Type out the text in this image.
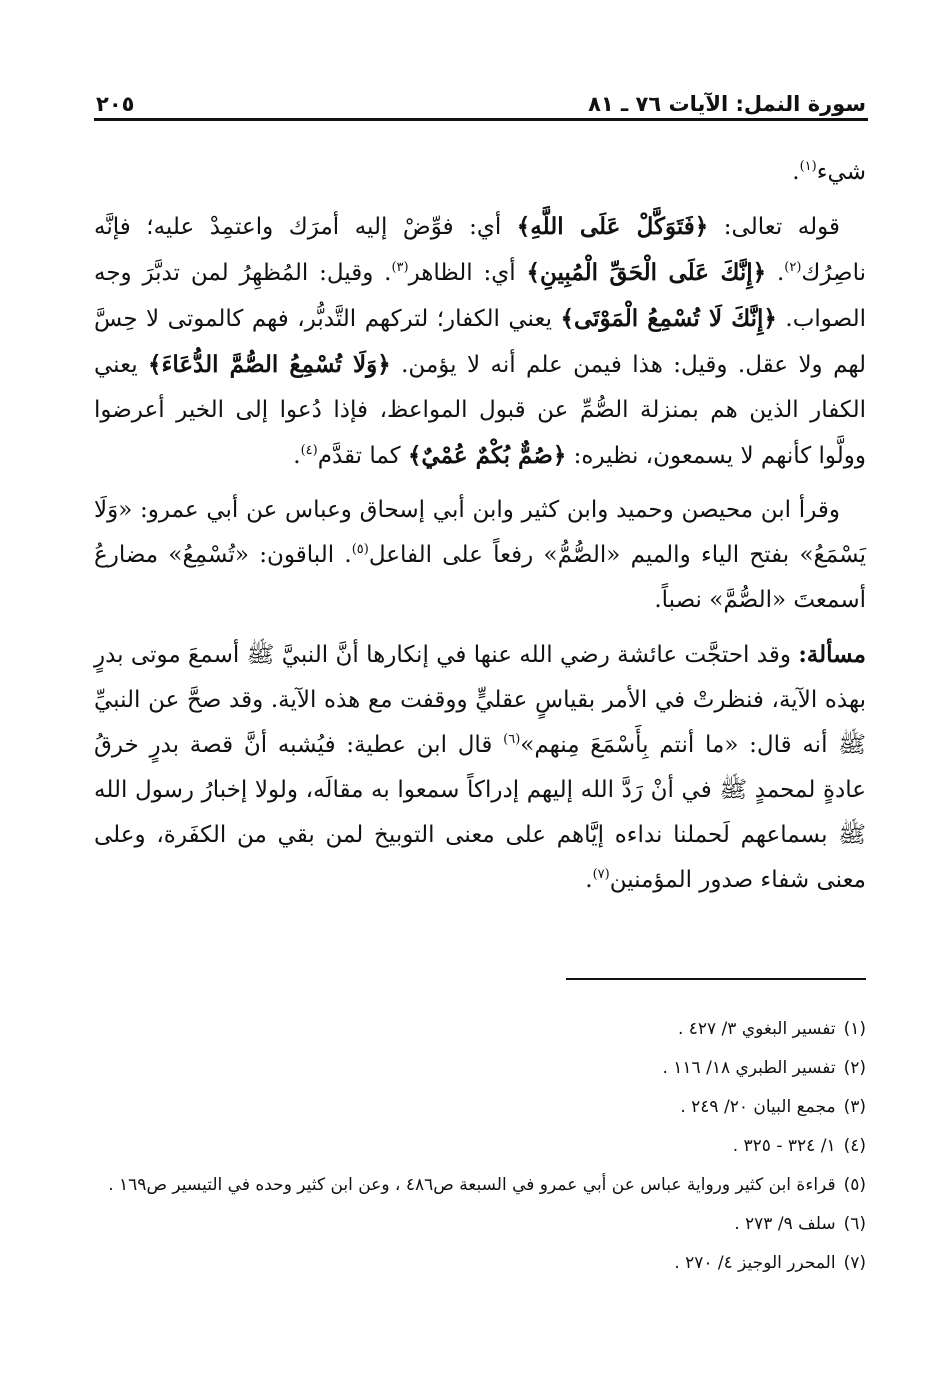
سورة النمل: الآيات ٧٦ ـ ٨١
٢٠٥

شيء$^{(١)}$.

قوله تعالى: ﴿فَتَوَكَّلْ عَلَى اللَّهِ﴾ أي: فوِّضْ إليه أمرَك واعتمِدْ عليه؛ فإنَّه ناصِرُك$^{(٢)}$. ﴿إِنَّكَ عَلَى الْحَقِّ الْمُبِينِ﴾ أي: الظاهر$^{(٣)}$. وقيل: المُظهِرُ لمن تدبَّرَ وجه الصواب. ﴿إِنَّكَ لَا تُسْمِعُ الْمَوْتَى﴾ يعني الكفار؛ لتركهم التَّدبُّر، فهم كالموتى لا حِسَّ لهم ولا عقل. وقيل: هذا فيمن علم أنه لا يؤمن. ﴿وَلَا تُسْمِعُ الصُّمَّ الدُّعَاءَ﴾ يعني الكفار الذين هم بمنزلة الصُّمِّ عن قبول المواعظ، فإذا دُعوا إلى الخير أعرضوا وولَّوا كأنهم لا يسمعون، نظيره: ﴿صُمٌّ بُكْمٌ عُمْيٌ﴾ كما تقدَّم$^{(٤)}$.

وقرأ ابن محيصن وحميد وابن كثير وابن أبي إسحاق وعباس عن أبي عمرو: «وَلَا يَسْمَعُ» بفتح الياء والميم «الصُّمُّ» رفعاً على الفاعل$^{(٥)}$. الباقون: «تُسْمِعُ» مضارعُ أسمعتَ «الصُّمَّ» نصباً.

مسألة: وقد احتجَّت عائشة رضي الله عنها في إنكارها أنَّ النبيَّ ﷺ أسمعَ موتى بدرٍ بهذه الآية، فنظرتْ في الأمر بقياسٍ عقليٍّ ووقفت مع هذه الآية. وقد صحَّ عن النبيِّ ﷺ أنه قال: «ما أنتم بِأَسْمَعَ مِنهم»$^{(٦)}$ قال ابن عطية: فيُشبه أنَّ قصة بدرٍ خرقُ عادةٍ لمحمدٍ ﷺ في أنْ رَدَّ الله إليهم إدراكاً سمعوا به مقالَه، ولولا إخبارُ رسول الله ﷺ بسماعهم لَحملنا نداءه إيَّاهم على معنى التوبيخ لمن بقي من الكفَرة، وعلى معنى شفاء صدور المؤمنين$^{(٧)}$.

(١)تفسير البغوي ٣/ ٤٢٧ .
(٢)تفسير الطبري ١٨/ ١١٦ .
(٣)مجمع البيان ٢٠/ ٢٤٩ .
(٤)١/ ٣٢٤ - ٣٢٥ .
(٥)قراءة ابن كثير ورواية عباس عن أبي عمرو في السبعة ص٤٨٦ ، وعن ابن كثير وحده في التيسير ص١٦٩ .
(٦)سلف ٩/ ٢٧٣ .
(٧)المحرر الوجيز ٤/ ٢٧٠ .
